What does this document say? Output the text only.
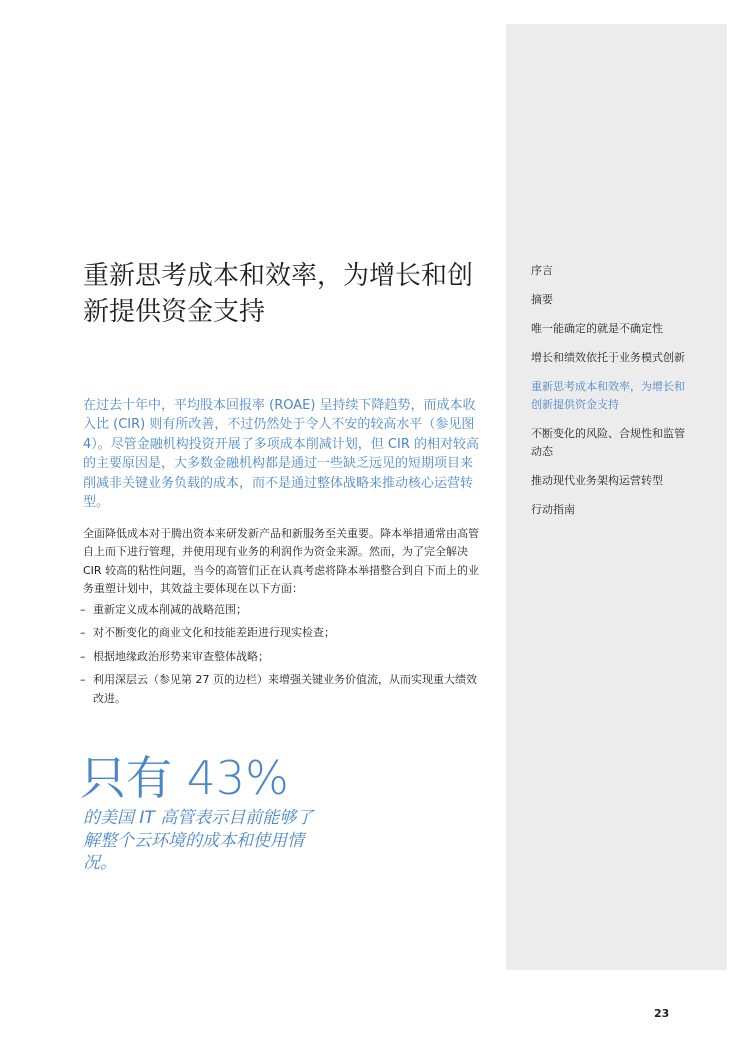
序言
摘要
唯一能确定的就是不确定性
增长和绩效依托于业务模式创新
重新思考成本和效率，为增长和创新提供资金支持
不断变化的风险、合规性和监管动态
推动现代业务架构运营转型
行动指南
重新思考成本和效率，为增长和创新提供资金支持

在过去十年中，平均股本回报率 (ROAE) 呈持续下降趋势，而成本收入比 (CIR) 则有所改善，不过仍然处于令人不安的较高水平（参见图 4）。尽管金融机构投资开展了多项成本削减计划，但 CIR 的相对较高的主要原因是，大多数金融机构都是通过一些缺乏远见的短期项目来削减非关键业务负载的成本，而不是通过整体战略来推动核心运营转型。

全面降低成本对于腾出资本来研发新产品和新服务至关重要。降本举措通常由高管自上而下进行管理，并使用现有业务的利润作为资金来源。然而，为了完全解决 CIR 较高的粘性问题，当今的高管们正在认真考虑将降本举措整合到自下而上的业务重塑计划中，其效益主要体现在以下方面：

– 重新定义成本削减的战略范围；
– 对不断变化的商业文化和技能差距进行现实检查；
– 根据地缘政治形势来审查整体战略；
– 利用深层云（参见第 27 页的边栏）来增强关键业务价值流，从而实现重大绩效改进。
只有 43%

的美国 IT 高管表示目前能够了解整个云环境的成本和使用情况。

23
